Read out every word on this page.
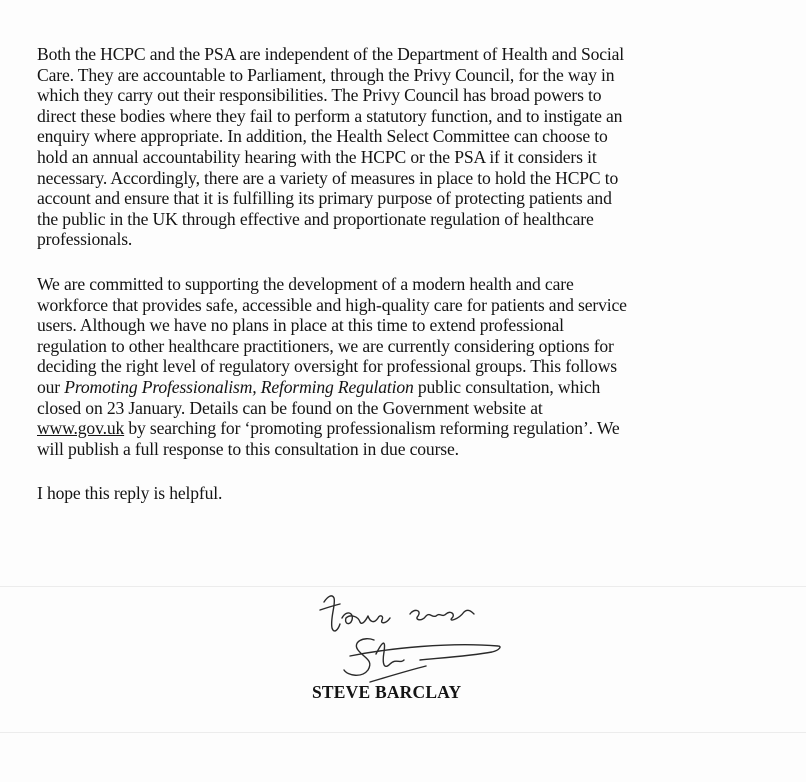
Both the HCPC and the PSA are independent of the Department of Health and Social
Care. They are accountable to Parliament, through the Privy Council, for the way in
which they carry out their responsibilities. The Privy Council has broad powers to
direct these bodies where they fail to perform a statutory function, and to instigate an
enquiry where appropriate. In addition, the Health Select Committee can choose to
hold an annual accountability hearing with the HCPC or the PSA if it considers it
necessary. Accordingly, there are a variety of measures in place to hold the HCPC to
account and ensure that it is fulfilling its primary purpose of protecting patients and
the public in the UK through effective and proportionate regulation of healthcare
professionals.

We are committed to supporting the development of a modern health and care
workforce that provides safe, accessible and high-quality care for patients and service
users. Although we have no plans in place at this time to extend professional
regulation to other healthcare practitioners, we are currently considering options for
deciding the right level of regulatory oversight for professional groups. This follows
our Promoting Professionalism, Reforming Regulation public consultation, which
closed on 23 January. Details can be found on the Government website at
www.gov.uk by searching for ‘promoting professionalism reforming regulation’. We
will publish a full response to this consultation in due course.

I hope this reply is helpful.

STEVE BARCLAY
